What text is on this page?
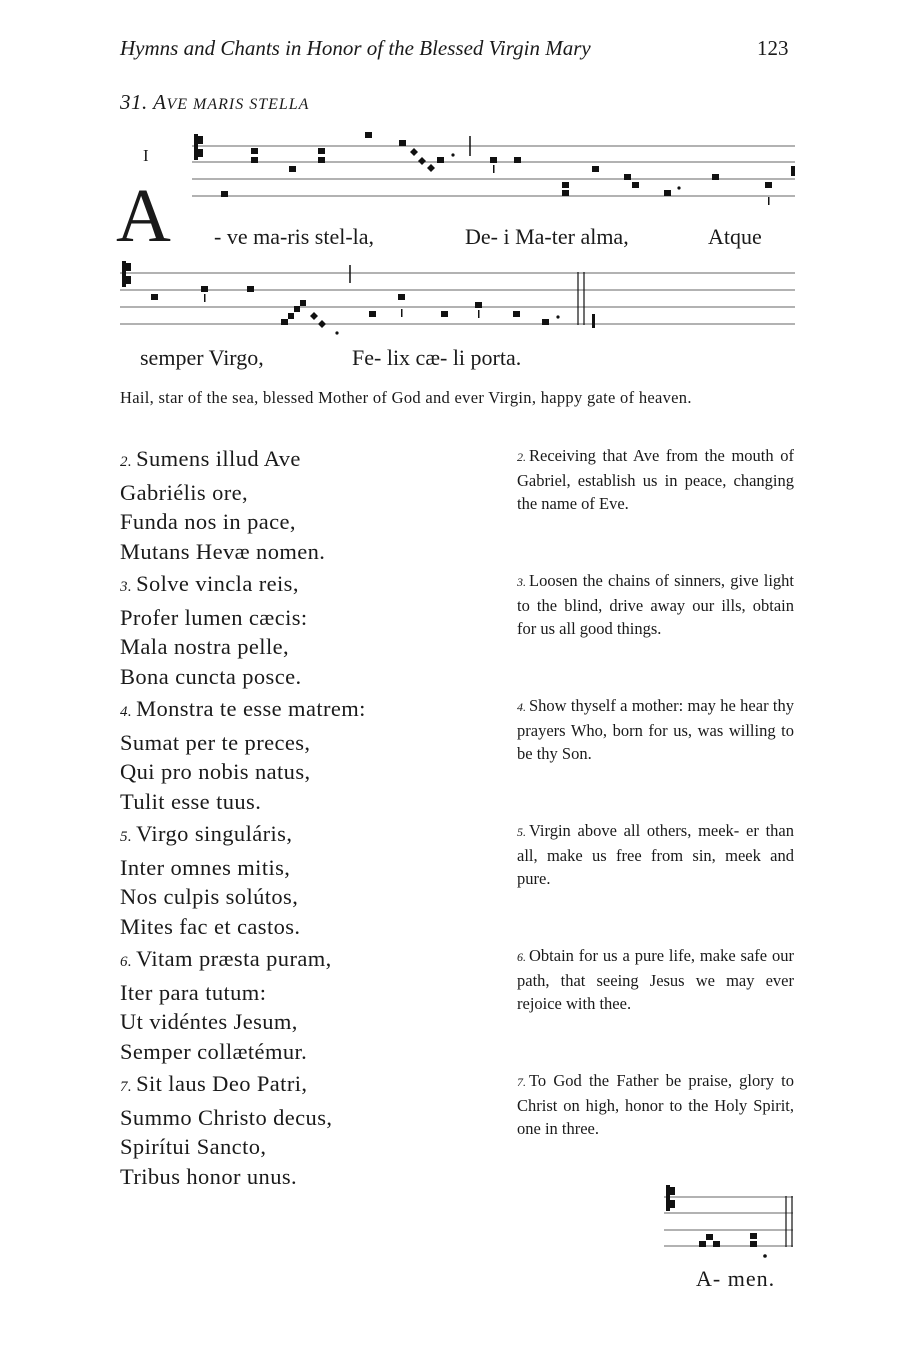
Hymns and Chants in Honor of the Blessed Virgin Mary	123
31. AVE MARIS STELLA
I
A - ve ma-ris stel-la,	De- i Ma-ter alma,	Atque
semper Virgo,	Fe- lix cæ- li porta.
Hail, star of the sea, blessed Mother of God and ever Virgin, happy gate of heaven.
2. Sumens illud Ave
Gabriélis ore,
Funda nos in pace,
Mutans Hevæ nomen.
2. Receiving that Ave from the mouth of Gabriel, establish us in peace, changing the name of Eve.
3. Solve vincla reis,
Profer lumen cæcis:
Mala nostra pelle,
Bona cuncta posce.
3. Loosen the chains of sinners, give light to the blind, drive away our ills, obtain for us all good things.
4. Monstra te esse matrem:
Sumat per te preces,
Qui pro nobis natus,
Tulit esse tuus.
4. Show thyself a mother: may he hear thy prayers Who, born for us, was willing to be thy Son.
5. Virgo singuláris,
Inter omnes mitis,
Nos culpis solútos,
Mites fac et castos.
5. Virgin above all others, meek- er than all, make us free from sin, meek and pure.
6. Vitam præsta puram,
Iter para tutum:
Ut vidéntes Jesum,
Semper collætémur.
6. Obtain for us a pure life, make safe our path, that seeing Jesus we may ever rejoice with thee.
7. Sit laus Deo Patri,
Summo Christo decus,
Spirítui Sancto,
Tribus honor unus.
7. To God the Father be praise, glory to Christ on high, honor to the Holy Spirit, one in three.
A- men.
